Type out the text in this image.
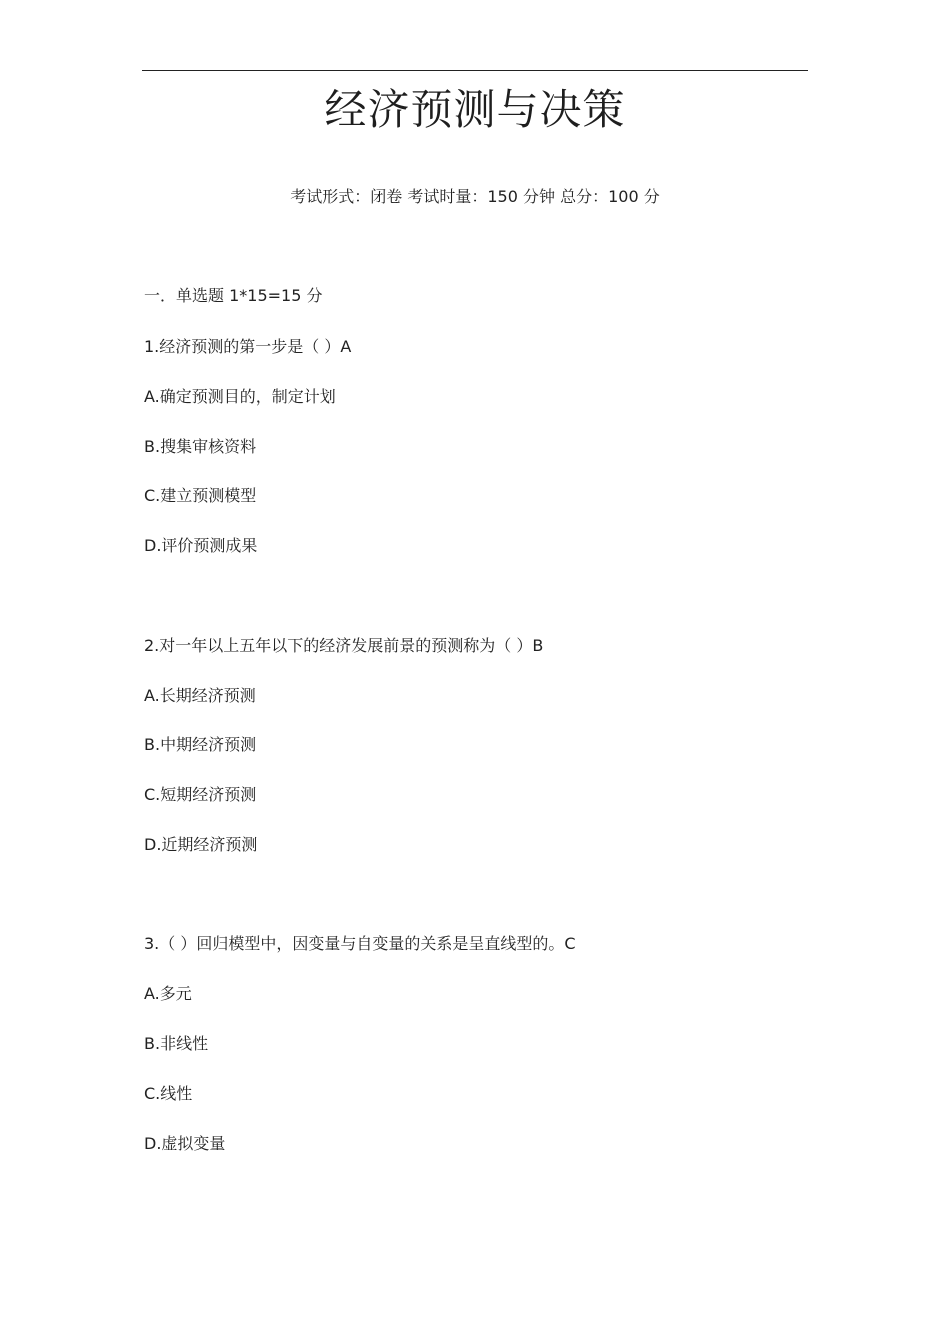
经济预测与决策
考试形式：闭卷 考试时量：150 分钟 总分：100 分
一．单选题 1*15=15 分
1.经济预测的第一步是（ ）A
A.确定预测目的，制定计划
B.搜集审核资料
C.建立预测模型
D.评价预测成果
2.对一年以上五年以下的经济发展前景的预测称为（ ）B
A.长期经济预测
B.中期经济预测
C.短期经济预测
D.近期经济预测
3.（ ）回归模型中，因变量与自变量的关系是呈直线型的。C
A.多元
B.非线性
C.线性
D.虚拟变量
